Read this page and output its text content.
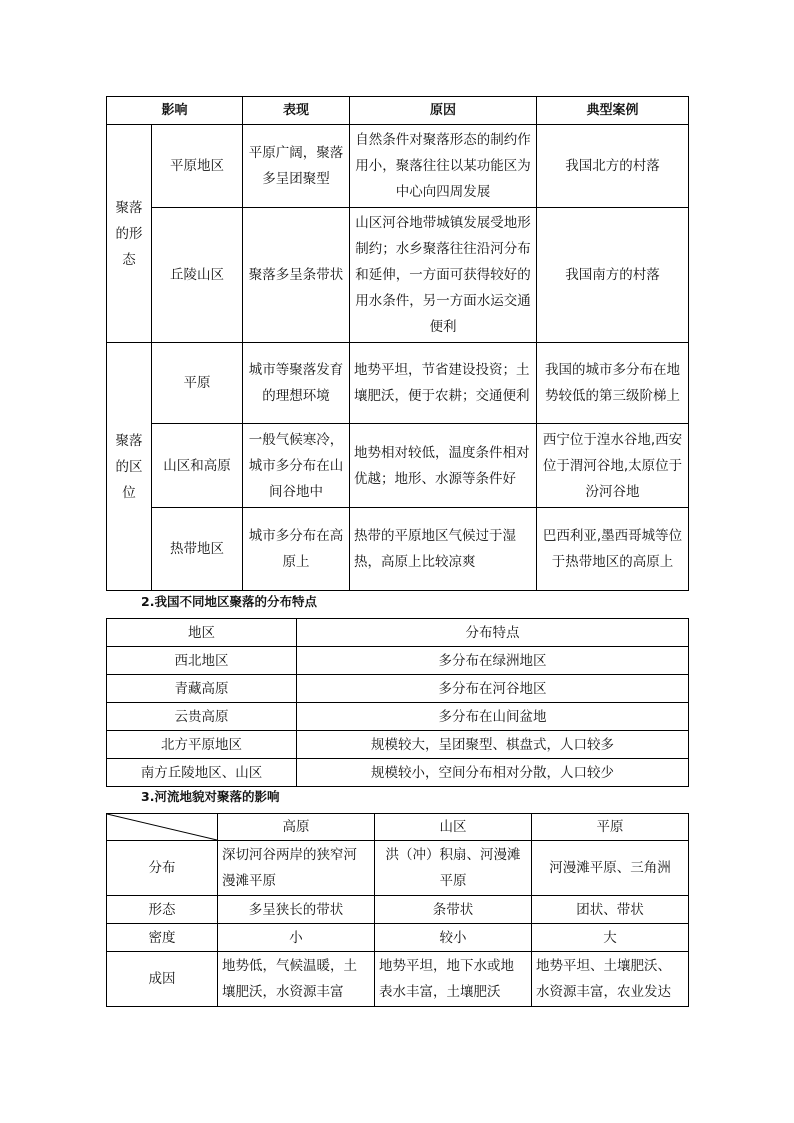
影响		表现	原因	典型案例
聚落的形态	平原地区	平原广阔，聚落多呈团聚型	自然条件对聚落形态的制约作用小，聚落往往以某功能区为中心向四周发展	我国北方的村落
	丘陵山区	聚落多呈条带状	山区河谷地带城镇发展受地形制约；水乡聚落往往沿河分布和延伸，一方面可获得较好的用水条件，另一方面水运交通便利	我国南方的村落
聚落的区位	平原	城市等聚落发育的理想环境	地势平坦，节省建设投资；土壤肥沃，便于农耕；交通便利	我国的城市多分布在地势较低的第三级阶梯上
	山区和高原	一般气候寒冷，城市多分布在山间谷地中	地势相对较低，温度条件相对优越；地形、水源等条件好	西宁位于湟水谷地,西安位于渭河谷地,太原位于汾河谷地
	热带地区	城市多分布在高原上	热带的平原地区气候过于湿热，高原上比较凉爽	巴西利亚,墨西哥城等位于热带地区的高原上
2.我国不同地区聚落的分布特点
地区	分布特点
西北地区	多分布在绿洲地区
青藏高原	多分布在河谷地区
云贵高原	多分布在山间盆地
北方平原地区	规模较大，呈团聚型、棋盘式，人口较多
南方丘陵地区、山区	规模较小，空间分布相对分散，人口较少
3.河流地貌对聚落的影响
	高原	山区	平原
分布	深切河谷两岸的狭窄河漫滩平原	洪（冲）积扇、河漫滩平原	河漫滩平原、三角洲
形态	多呈狭长的带状	条带状	团状、带状
密度	小	较小	大
成因	地势低，气候温暖，土壤肥沃，水资源丰富	地势平坦，地下水或地表水丰富，土壤肥沃	地势平坦、土壤肥沃、水资源丰富，农业发达
